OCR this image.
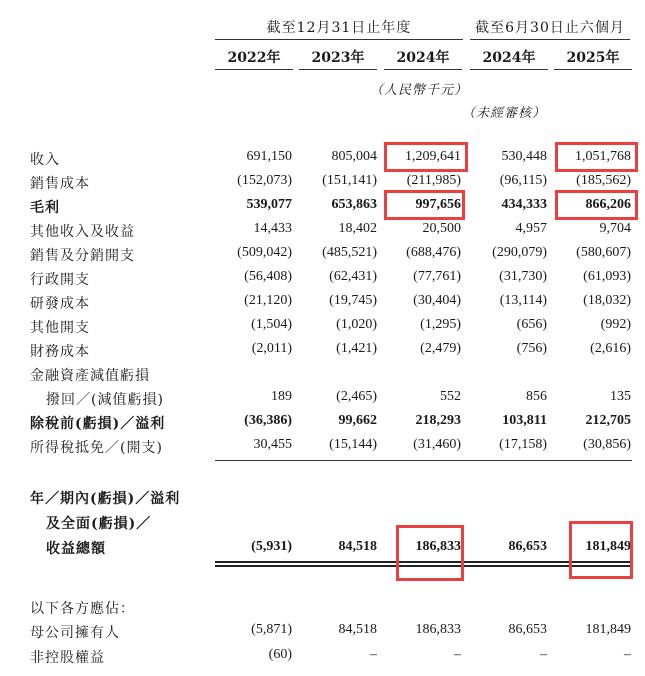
截至12月31日止年度	截至6月30日止六個月
2022年	2023年	2024年	2024年	2025年
（人民幣千元）
（未經審核）
收入	691,150	805,004 1,209,641	530,448 1,051,768
銷售成本	(152,073) (151,141) (211,985)	(96,115) (185,562)
毛利	539,077	653,863	997,656	434,333	866,206
其他收入及收益	14,433	18,402	20,500	4,957	9,704
銷售及分銷開支	(509,042) (485,521) (688,476) (290,079) (580,607)
行政開支	(56,408)	(62,431)	(77,761)	(31,730)	(61,093)
研發成本	(21,120)	(19,745)	(30,404)	(13,114)	(18,032)
其他開支	(1,504)	(1,020)	(1,295)	(656)	(992)
財務成本	(2,011)	(1,421)	(2,479)	(756)	(2,616)
金融資產減值虧損
撥回／(減值虧損)	189	(2,465)	552	856	135
除稅前(虧損)／溢利	(36,386)	99,662	218,293	103,811	212,705
所得稅抵免／(開支)	30,455	(15,144)	(31,460)	(17,158)	(30,856)
年／期內(虧損)／溢利
及全面(虧損)／
收益總額	(5,931)	84,518	186,833	86,653	181,849
以下各方應佔：
母公司擁有人	(5,871)	84,518	186,833	86,653	181,849
非控股權益	(60)	–	–	–	–
